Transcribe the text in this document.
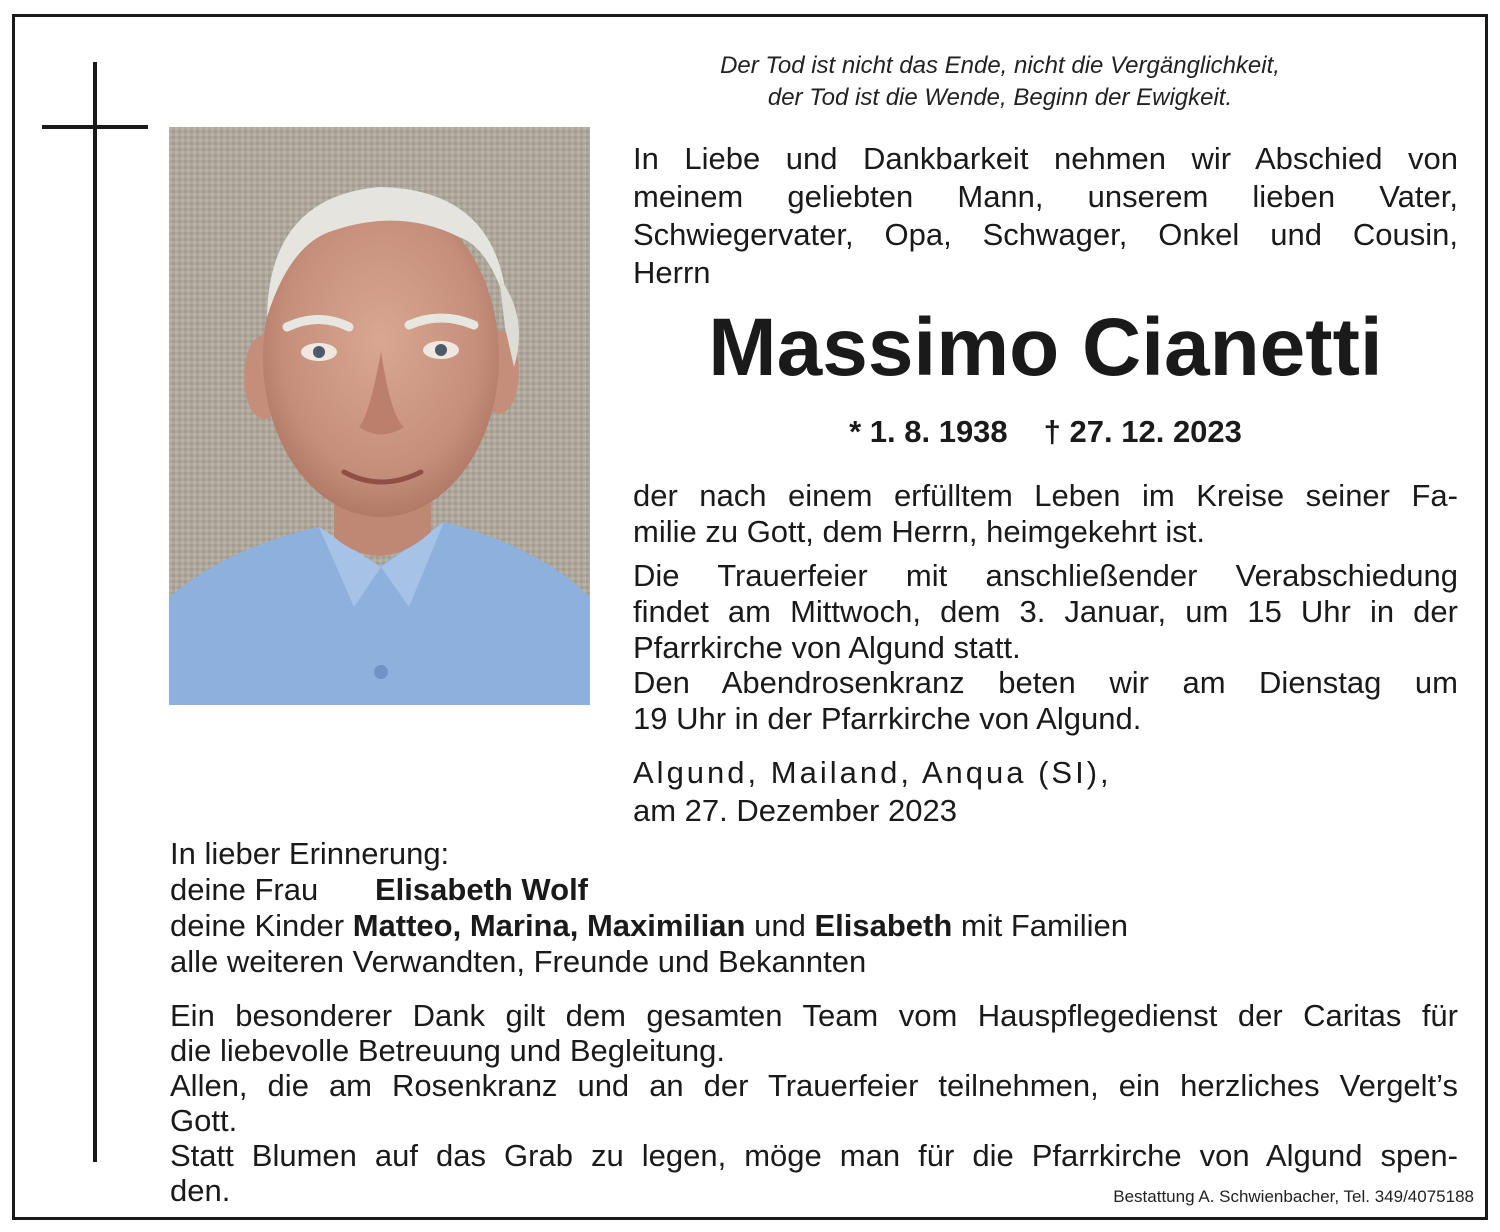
Der Tod ist nicht das Ende, nicht die Vergänglichkeit,
der Tod ist die Wende, Beginn der Ewigkeit.
In Liebe und Dankbarkeit nehmen wir Abschied von
meinem geliebten Mann, unserem lieben Vater,
Schwiegervater, Opa, Schwager, Onkel und Cousin,
Herrn
Massimo Cianetti
* 1. 8. 1938 † 27. 12. 2023
der nach einem erfülltem Leben im Kreise seiner Fa-
milie zu Gott, dem Herrn, heimgekehrt ist.
Die Trauerfeier mit anschließender Verabschiedung
findet am Mittwoch, dem 3. Januar, um 15 Uhr in der
Pfarrkirche von Algund statt.
Den Abendrosenkranz beten wir am Dienstag um
19 Uhr in der Pfarrkirche von Algund.
Algund, Mailand, Anqua (SI),
am 27. Dezember 2023
In lieber Erinnerung:
deine Frau Elisabeth Wolf
deine Kinder Matteo, Marina, Maximilian und Elisabeth mit Familien
alle weiteren Verwandten, Freunde und Bekannten
Ein besonderer Dank gilt dem gesamten Team vom Hauspflegedienst der Caritas für
die liebevolle Betreuung und Begleitung.
Allen, die am Rosenkranz und an der Trauerfeier teilnehmen, ein herzliches Vergelt’s
Gott.
Statt Blumen auf das Grab zu legen, möge man für die Pfarrkirche von Algund spen-
den.	Bestattung A. Schwienbacher, Tel. 349/4075188
